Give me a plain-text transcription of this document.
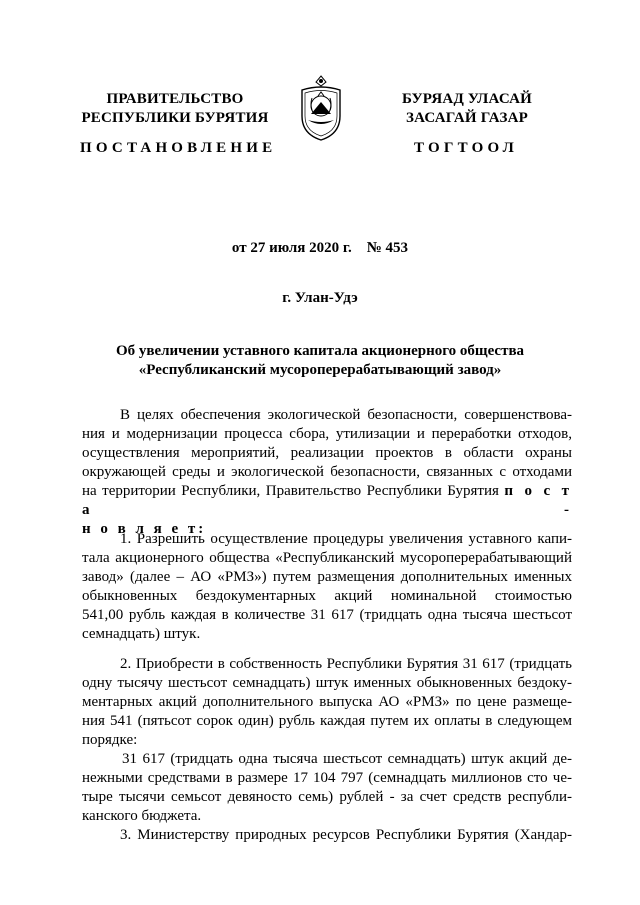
ПРАВИТЕЛЬСТВО
РЕСПУБЛИКИ БУРЯТИЯ
БУРЯАД УЛАСАЙ
ЗАСАГАЙ ГАЗАР
ПОСТАНОВЛЕНИЕ	ТОГТООЛ
от 27 июля 2020 г.    № 453
г. Улан-Удэ
Об увеличении уставного капитала акционерного общества
«Республиканский мусороперерабатывающий завод»
В целях обеспечения экологической безопасности, совершенствова-
ния и модернизации процесса сбора, утилизации и переработки отходов,
осуществления мероприятий, реализации проектов в области охраны
окружающей среды и экологической безопасности, связанных с отходами
на территории Республики, Правительство Республики Бурятия п о с т а -
н о в л я е т:
1. Разрешить осуществление процедуры увеличения уставного капи-
тала акционерного общества «Республиканский мусороперерабатывающий
завод» (далее – АО «РМЗ») путем размещения дополнительных именных
обыкновенных бездокументарных акций номинальной стоимостью
541,00 рубль каждая в количестве 31 617 (тридцать одна тысяча шестьсот
семнадцать) штук.
2. Приобрести в собственность Республики Бурятия 31 617 (тридцать
одну тысячу шестьсот семнадцать) штук именных обыкновенных бездоку-
ментарных акций дополнительного выпуска АО «РМЗ» по цене размеще-
ния 541 (пятьсот сорок один) рубль каждая путем их оплаты в следующем
порядке:
31 617 (тридцать одна тысяча шестьсот семнадцать) штук акций де-
нежными средствами в размере 17 104 797 (семнадцать миллионов сто че-
тыре тысячи семьсот девяносто семь) рублей - за счет средств республи-
канского бюджета.
3. Министерству природных ресурсов Республики Бурятия (Хандар-
